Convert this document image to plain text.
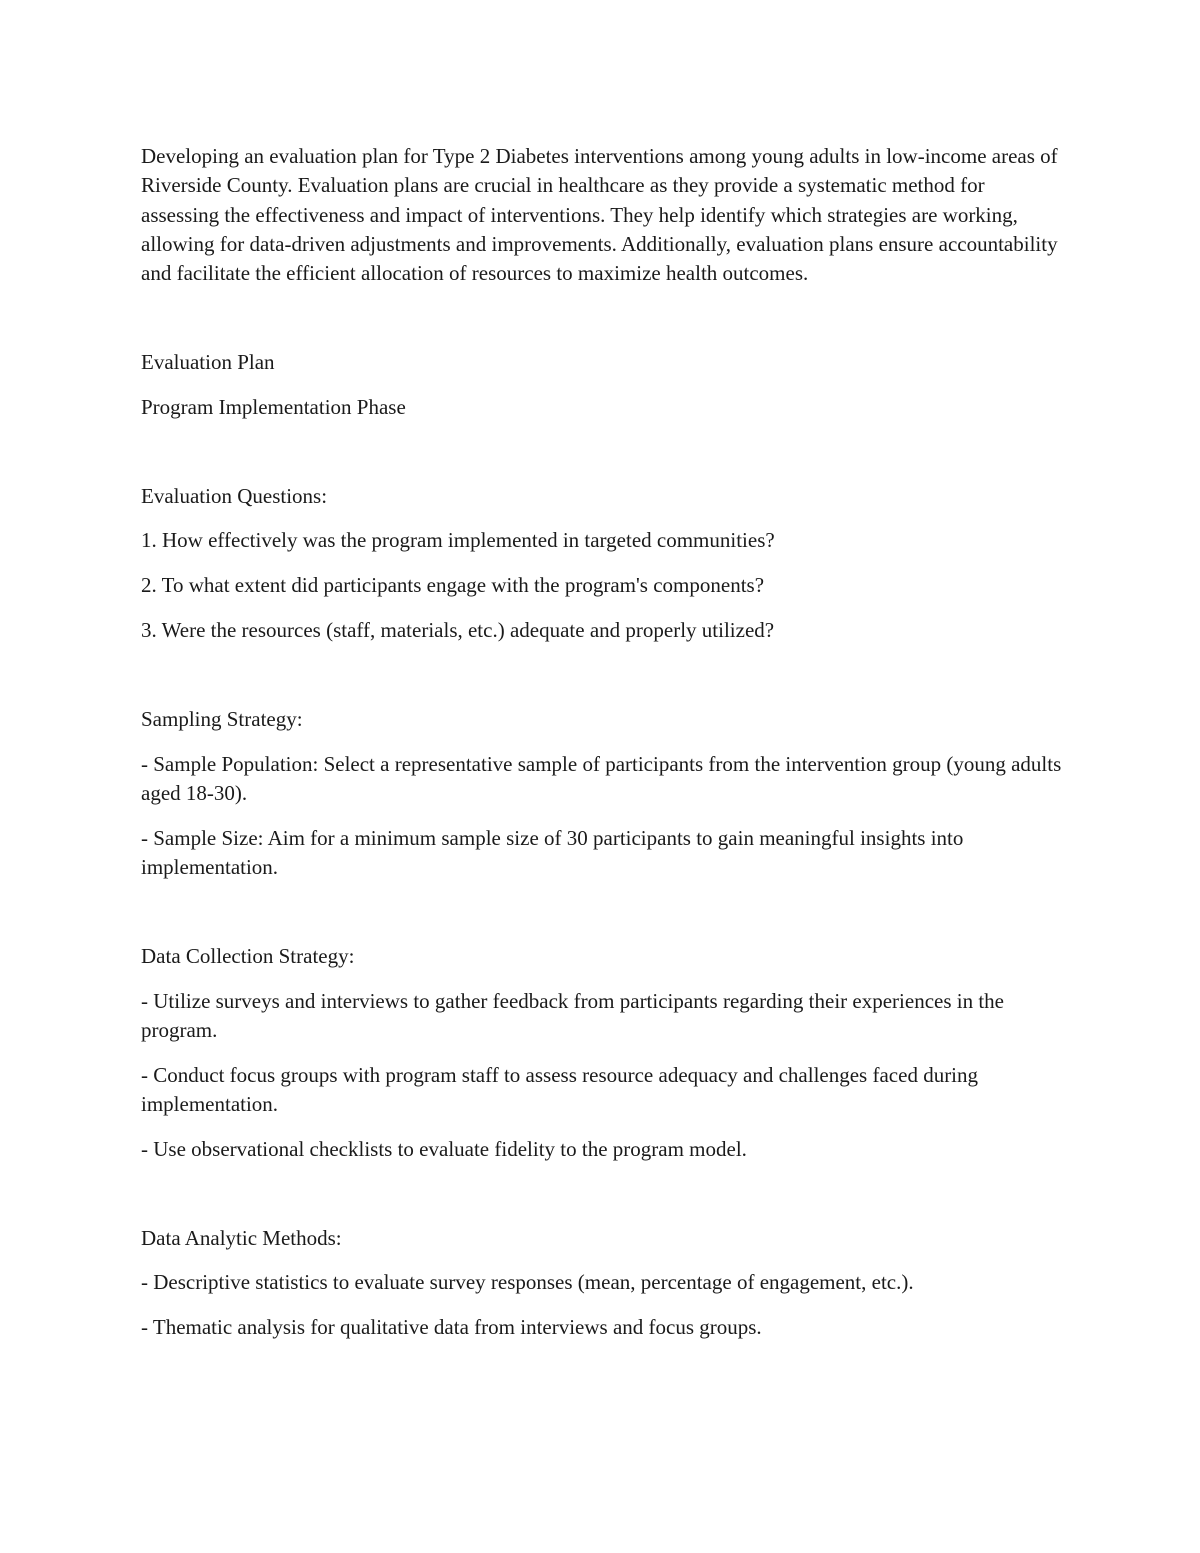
Developing an evaluation plan for Type 2 Diabetes interventions among young adults in low-income areas of Riverside County. Evaluation plans are crucial in healthcare as they provide a systematic method for assessing the effectiveness and impact of interventions. They help identify which strategies are working, allowing for data-driven adjustments and improvements. Additionally, evaluation plans ensure accountability and facilitate the efficient allocation of resources to maximize health outcomes.

Evaluation Plan

Program Implementation Phase

Evaluation Questions:

1. How effectively was the program implemented in targeted communities?

2. To what extent did participants engage with the program's components?

3. Were the resources (staff, materials, etc.) adequate and properly utilized?

Sampling Strategy:

- Sample Population: Select a representative sample of participants from the intervention group (young adults aged 18-30).

- Sample Size: Aim for a minimum sample size of 30 participants to gain meaningful insights into implementation.

Data Collection Strategy:

- Utilize surveys and interviews to gather feedback from participants regarding their experiences in the program.

- Conduct focus groups with program staff to assess resource adequacy and challenges faced during implementation.

- Use observational checklists to evaluate fidelity to the program model.

Data Analytic Methods:

- Descriptive statistics to evaluate survey responses (mean, percentage of engagement, etc.).

- Thematic analysis for qualitative data from interviews and focus groups.
